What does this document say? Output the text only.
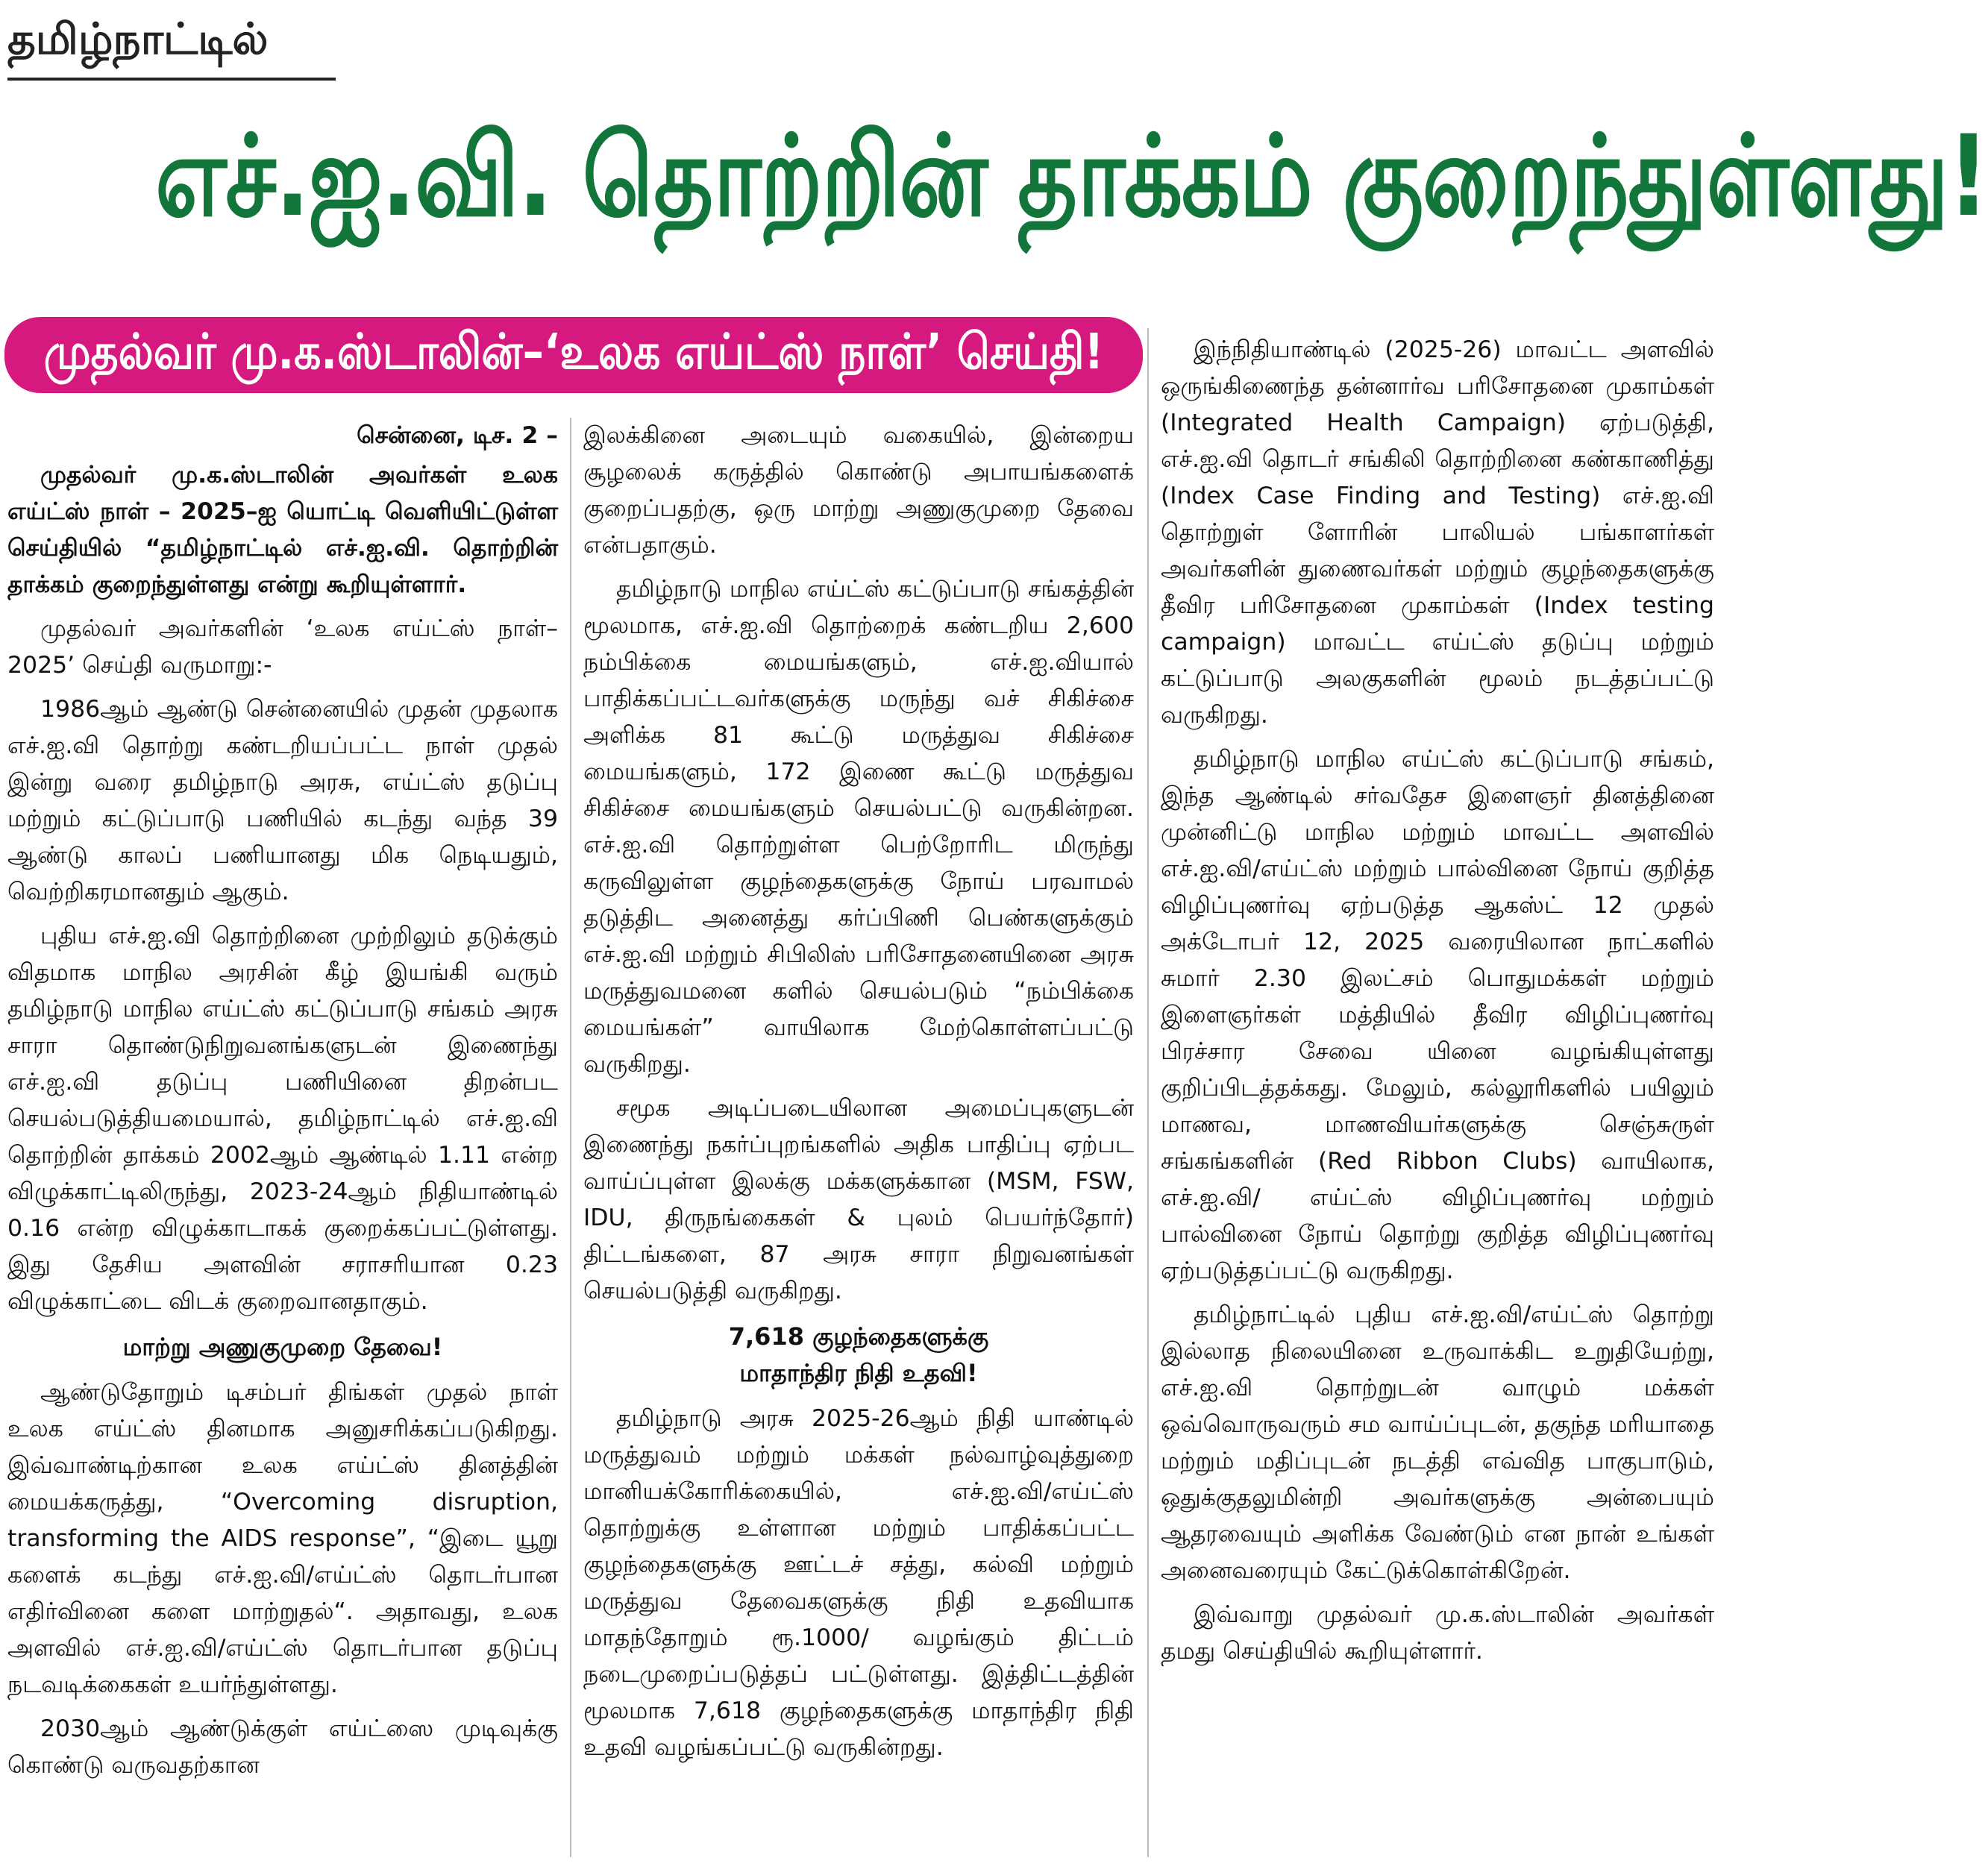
தமிழ்நாட்டில்
எச்.ஐ.வி. தொற்றின் தாக்கம் குறைந்துள்ளது!
முதல்வர் மு.க.ஸ்டாலின்–‘உலக எய்ட்ஸ் நாள்’ செய்தி!

சென்னை, டிச. 2 –

முதல்வர் மு.க.ஸ்டாலின் அவர்கள் உலக எய்ட்ஸ் நாள் – 2025–ஐ யொட்டி வெளியிட்டுள்ள செய்தியில் “தமிழ்நாட்டில் எச்.ஐ.வி. தொற்றின் தாக்கம் குறைந்துள்ளது என்று கூறியுள்ளார்.

முதல்வர் அவர்களின் ‘உலக எய்ட்ஸ் நாள்– 2025’ செய்தி வருமாறு:-

1986ஆம் ஆண்டு சென்னையில் முதன் முதலாக எச்.ஐ.வி தொற்று கண்டறியப்பட்ட நாள் முதல் இன்று வரை தமிழ்நாடு அரசு, எய்ட்ஸ் தடுப்பு மற்றும் கட்டுப்பாடு பணியில் கடந்து வந்த 39 ஆண்டு காலப் பணியானது மிக நெடியதும், வெற்றிகரமானதும் ஆகும்.

புதிய எச்.ஐ.வி தொற்றினை முற்றிலும் தடுக்கும் விதமாக மாநில அரசின் கீழ் இயங்கி வரும் தமிழ்நாடு மாநில எய்ட்ஸ் கட்டுப்பாடு சங்கம் அரசு சாரா தொண்டுநிறுவனங்களுடன் இணைந்து எச்.ஐ.வி தடுப்பு பணியினை திறன்பட செயல்படுத்தியமையால், தமிழ்நாட்டில் எச்.ஐ.வி தொற்றின் தாக்கம் 2002ஆம் ஆண்டில் 1.11 என்ற விழுக்காட்டிலிருந்து, 2023-24ஆம் நிதியாண்டில் 0.16 என்ற விழுக்காடாகக் குறைக்கப்பட்டுள்ளது. இது தேசிய அளவின் சராசரியான 0.23 விழுக்காட்டை விடக் குறைவானதாகும்.

மாற்று அணுகுமுறை தேவை!

ஆண்டுதோறும் டிசம்பர் திங்கள் முதல் நாள் உலக எய்ட்ஸ் தினமாக அனுசரிக்கப்படுகிறது. இவ்வாண்டிற்கான உலக எய்ட்ஸ் தினத்தின் மையக்கருத்து, “Overcoming disruption, transforming the AIDS response”, “இடை யூறு களைக் கடந்து எச்.ஐ.வி/எய்ட்ஸ் தொடர்பான எதிர்வினை களை மாற்றுதல்“. அதாவது, உலக அளவில் எச்.ஐ.வி/எய்ட்ஸ் தொடர்பான தடுப்பு நடவடிக்கைகள் உயர்ந்துள்ளது.

2030ஆம் ஆண்டுக்குள் எய்ட்ஸை முடிவுக்கு கொண்டு வருவதற்கான

இலக்கினை அடையும் வகையில், இன்றைய சூழலைக் கருத்தில் கொண்டு அபாயங்களைக் குறைப்பதற்கு, ஒரு மாற்று அணுகுமுறை தேவை என்பதாகும்.

தமிழ்நாடு மாநில எய்ட்ஸ் கட்டுப்பாடு சங்கத்தின் மூலமாக, எச்.ஐ.வி தொற்றைக் கண்டறிய 2,600 நம்பிக்கை மையங்களும், எச்.ஐ.வியால் பாதிக்கப்பட்டவர்களுக்கு மருந்து வச் சிகிச்சை அளிக்க 81 கூட்டு மருத்துவ சிகிச்சை மையங்களும், 172 இணை கூட்டு மருத்துவ சிகிச்சை மையங்களும் செயல்பட்டு வருகின்றன. எச்.ஐ.வி தொற்றுள்ள பெற்றோரிட மிருந்து கருவிலுள்ள குழந்தைகளுக்கு நோய் பரவாமல் தடுத்திட அனைத்து கர்ப்பிணி பெண்களுக்கும் எச்.ஐ.வி மற்றும் சிபிலிஸ் பரிசோதனையினை அரசு மருத்துவமனை களில் செயல்படும் “நம்பிக்கை மையங்கள்” வாயிலாக மேற்கொள்ளப்பட்டு வருகிறது.

சமூக அடிப்படையிலான அமைப்புகளுடன் இணைந்து நகர்ப்புறங்களில் அதிக பாதிப்பு ஏற்பட வாய்ப்புள்ள இலக்கு மக்களுக்கான (MSM, FSW, IDU, திருநங்கைகள் & புலம் பெயர்ந்தோர்) திட்டங்களை, 87 அரசு சாரா நிறுவனங்கள் செயல்படுத்தி வருகிறது.

7,618 குழந்தைகளுக்கு

மாதாந்திர நிதி உதவி!

தமிழ்நாடு அரசு 2025-26ஆம் நிதி யாண்டில் மருத்துவம் மற்றும் மக்கள் நல்வாழ்வுத்துறை மானியக்கோரிக்கையில், எச்.ஐ.வி/எய்ட்ஸ் தொற்றுக்கு உள்ளான மற்றும் பாதிக்கப்பட்ட குழந்தைகளுக்கு ஊட்டச் சத்து, கல்வி மற்றும் மருத்துவ தேவைகளுக்கு நிதி உதவியாக மாதந்தோறும் ரூ.1000/ வழங்கும் திட்டம் நடைமுறைப்படுத்தப் பட்டுள்ளது. இத்திட்டத்தின் மூலமாக 7,618 குழந்தைகளுக்கு மாதாந்திர நிதி உதவி வழங்கப்பட்டு வருகின்றது.

இந்நிதியாண்டில் (2025-26) மாவட்ட அளவில் ஒருங்கிணைந்த தன்னார்வ பரிசோதனை முகாம்கள் (Integrated Health Campaign) ஏற்படுத்தி, எச்.ஐ.வி தொடர் சங்கிலி தொற்றினை கண்காணித்து (Index Case Finding and Testing) எச்.ஐ.வி தொற்றுள் ளோரின் பாலியல் பங்காளர்கள் அவர்களின் துணைவர்கள் மற்றும் குழந்தைகளுக்கு தீவிர பரிசோதனை முகாம்கள் (Index testing campaign) மாவட்ட எய்ட்ஸ் தடுப்பு மற்றும் கட்டுப்பாடு அலகுகளின் மூலம் நடத்தப்பட்டு வருகிறது.

தமிழ்நாடு மாநில எய்ட்ஸ் கட்டுப்பாடு சங்கம், இந்த ஆண்டில் சர்வதேச இளைஞர் தினத்தினை முன்னிட்டு மாநில மற்றும் மாவட்ட அளவில் எச்.ஐ.வி/எய்ட்ஸ் மற்றும் பால்வினை நோய் குறித்த விழிப்புணர்வு ஏற்படுத்த ஆகஸ்ட் 12 முதல் அக்டோபர் 12, 2025 வரையிலான நாட்களில் சுமார் 2.30 இலட்சம் பொதுமக்கள் மற்றும் இளைஞர்கள் மத்தியில் தீவிர விழிப்புணர்வு பிரச்சார சேவை யினை வழங்கியுள்ளது குறிப்பிடத்தக்கது. மேலும், கல்லூரிகளில் பயிலும் மாணவ, மாணவியர்களுக்கு செஞ்சுருள் சங்கங்களின் (Red Ribbon Clubs) வாயிலாக, எச்.ஐ.வி/ எய்ட்ஸ் விழிப்புணர்வு மற்றும் பால்வினை நோய் தொற்று குறித்த விழிப்புணர்வு ஏற்படுத்தப்பட்டு வருகிறது.

தமிழ்நாட்டில் புதிய எச்.ஐ.வி/எய்ட்ஸ் தொற்று இல்லாத நிலையினை உருவாக்கிட உறுதியேற்று, எச்.ஐ.வி தொற்றுடன் வாழும் மக்கள் ஒவ்வொருவரும் சம வாய்ப்புடன், தகுந்த மரியாதை மற்றும் மதிப்புடன் நடத்தி எவ்வித பாகுபாடும், ஒதுக்குதலுமின்றி அவர்களுக்கு அன்பையும் ஆதரவையும் அளிக்க வேண்டும் என நான் உங்கள் அனைவரையும் கேட்டுக்கொள்கிறேன்.

இவ்வாறு முதல்வர் மு.க.ஸ்டாலின் அவர்கள் தமது செய்தியில் கூறியுள்ளார்.
